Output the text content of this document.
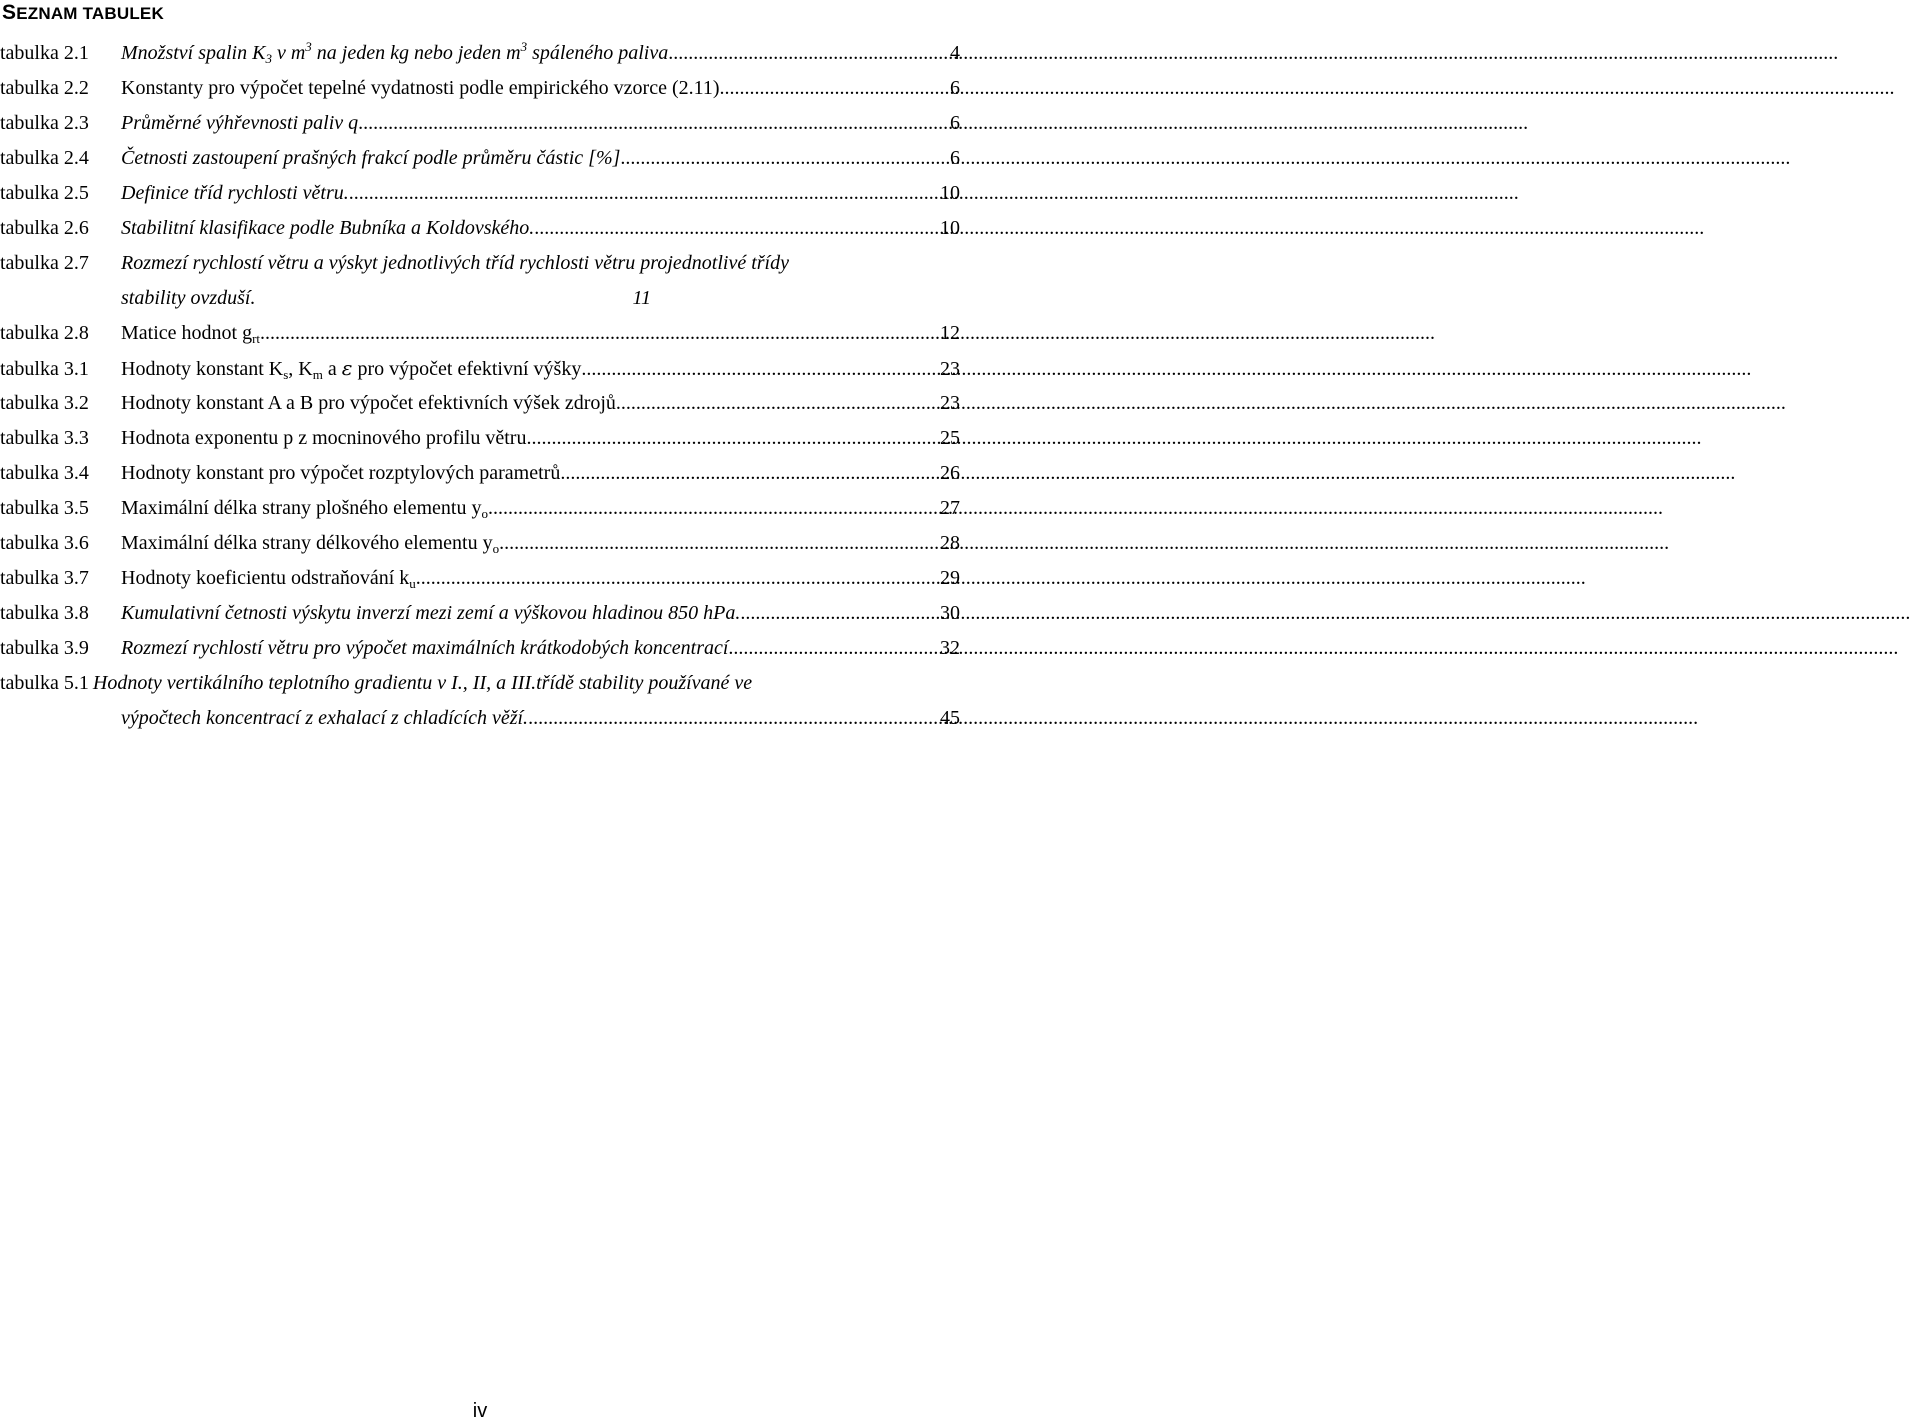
SEZNAM TABULEK
tabulka 2.1	Množství spalin $K_3$ v $m^3$ na jeden kg nebo jeden $m^3$ spáleného paliva .....	4
tabulka 2.2	Konstanty pro výpočet tepelné vydatnosti podle empirického vzorce (2.11). .....	6
tabulka 2.3	Průměrné výhřevnosti paliv q .....	6
tabulka 2.4	Četnosti zastoupení prašných frakcí podle průměru částic [%] .....	6
tabulka 2.5	Definice tříd rychlosti větru. .....	10
tabulka 2.6	Stabilitní klasifikace podle Bubníka a Koldovského. .....	10
tabulka 2.7	Rozmezí rychlostí větru a výskyt jednotlivých tříd rychlosti větru projednotlivé třídy
stability ovzduší.	11
tabulka 2.8	Matice hodnot $g_{rt}$. .....	12
tabulka 3.1	Hodnoty konstant $K_s$, $K_m$ a ε pro výpočet efektivní výšky .....	23
tabulka 3.2	Hodnoty konstant A a B pro výpočet efektivních výšek zdrojů .....	23
tabulka 3.3	Hodnota exponentu p z mocninového profilu větru. .....	25
tabulka 3.4	Hodnoty konstant pro výpočet rozptylových parametrů. .....	26
tabulka 3.5	Maximální délka strany plošného elementu $y_o$. .....	27
tabulka 3.6	Maximální délka strany délkového elementu $y_o$ .....	28
tabulka 3.7	Hodnoty koeficientu odstraňování $k_u$ .....	29
tabulka 3.8	Kumulativní četnosti výskytu inverzí mezi zemí a výškovou hladinou 850 hPa. .....	30
tabulka 3.9	Rozmezí rychlostí větru pro výpočet maximálních krátkodobých koncentrací .....	32
tabulka 5.1 Hodnoty vertikálního teplotního gradientu v I., II, a III.třídě stability používané ve
výpočtech koncentrací z exhalací z chladících věží. .....	45
iv
